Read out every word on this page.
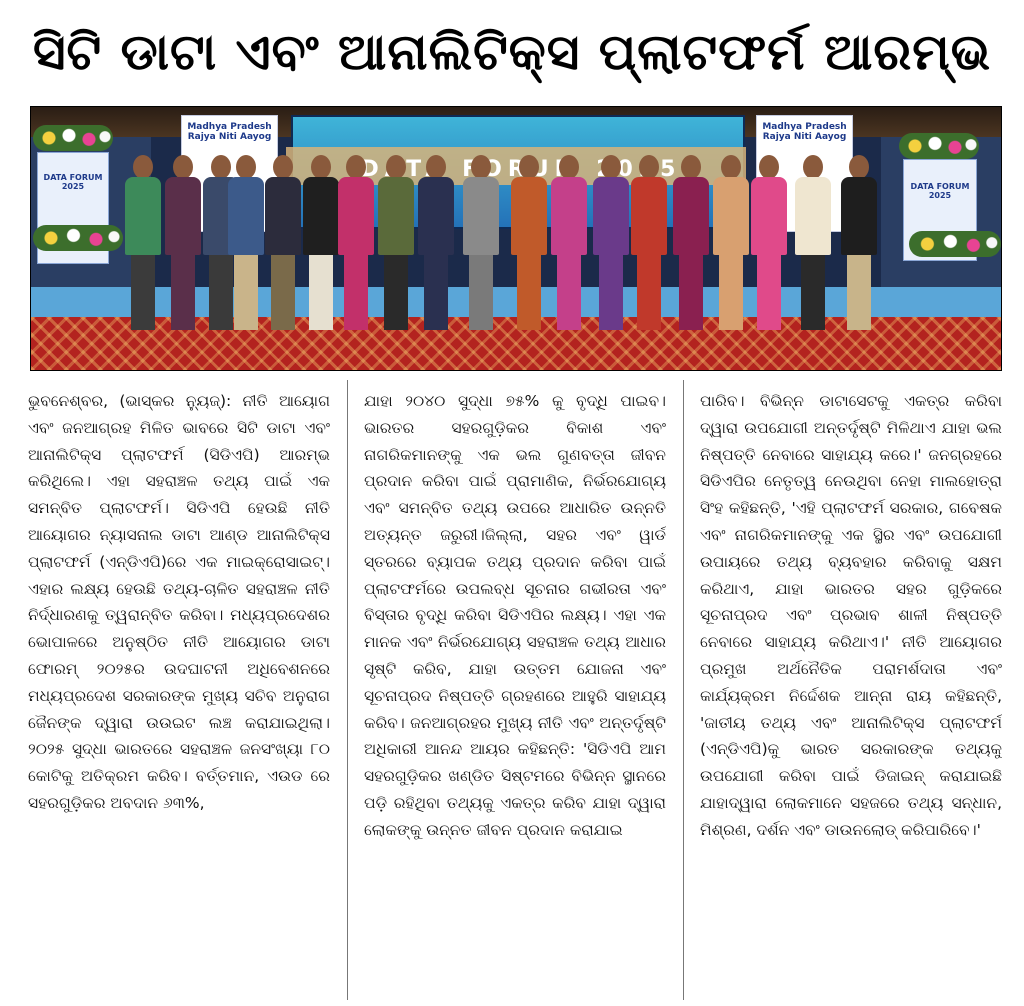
ସିଟି ଡାଟା ଏବଂ ଆନାଲିଟିକ୍ସ ପ୍ଲାଟଫର୍ମ ଆରମ୍ଭ
Madhya Pradesh Rajya Niti Aayog
Madhya Pradesh Rajya Niti Aayog
DATA FORUM 2025	DATA FORUM 2025
ଭୁବନେଶ୍ବର, (ଭାସ୍କର ନ୍ୟୁଜ୍): ନୀତି ଆୟୋଗ ଏବଂ ଜନଆଗ୍ରହ ମିଳିତ ଭାବରେ ସିଟି ଡାଟା ଏବଂ ଆନାଲିଟିକ୍ସ ପ୍ଲାଟଫର୍ମ (ସିଡିଏପି) ଆରମ୍ଭ କରିଥିଲେ। ଏହା ସହରାଞ୍ଚଳ ତଥ୍ୟ ପାଇଁ ଏକ ସମନ୍ବିତ ପ୍ଲାଟଫର୍ମ। ସିଡିଏପି ହେଉଛି ନୀତି ଆୟୋଗର ନ୍ୟାସନାଲ ଡାଟା ଆଣ୍ଡ ଆନାଲିଟିକ୍ସ ପ୍ଲାଟଫର୍ମ (ଏନ୍‌ଡିଏପି)ରେ ଏକ ମାଇକ୍ରୋସାଇଟ୍। ଏହାର ଲକ୍ଷ୍ୟ ହେଉଛି ତଥ୍ୟ-ଚାଳିତ ସହରାଞ୍ଚଳ ନୀତି ନିର୍ଦ୍ଧାରଣକୁ ତ୍ୱରାନ୍ବିତ କରିବା। ମଧ୍ୟପ୍ରଦେଶର ଭୋପାଳରେ ଅନୁଷ୍ଠିତ ନୀତି ଆୟୋଗର ଡାଟା ଫୋରମ୍ ୨୦୨୫ର ଉଦଘାଟନୀ ଅଧିବେଶନରେ ମଧ୍ୟପ୍ରଦେଶ ସରକାରଙ୍କ ମୁଖ୍ୟ ସଚିବ ଅନୁରାଗ ଜୈନଙ୍କ ଦ୍ୱାରା ଉଉଇଟ ଲଞ୍ଚ କରାଯାଇଥିଲା। ୨୦୨୫ ସୁଦ୍ଧା ଭାରତରେ ସହରାଞ୍ଚଳ ଜନସଂଖ୍ୟା ୮୦ କୋଟିକୁ ଅତିକ୍ରମ କରିବ। ବର୍ତ୍ତମାନ, ଏଉଡ ରେ ସହରଗୁଡ଼ିକର ଅବଦାନ ୬୩%,
ଯାହା ୨୦୪୦ ସୁଦ୍ଧା ୭୫% କୁ ବୃଦ୍ଧି ପାଇବ। ଭାରତର ସହରଗୁଡ଼ିକର ବିକାଶ ଏବଂ ନାଗରିକମାନଙ୍କୁ ଏକ ଭଲ ଗୁଣବତ୍ତା ଜୀବନ ପ୍ରଦାନ କରିବା ପାଇଁ ପ୍ରାମାଣିକ, ନିର୍ଭରଯୋଗ୍ୟ ଏବଂ ସମନ୍ବିତ ତଥ୍ୟ ଉପରେ ଆଧାରିତ ଉନ୍ନତି ଅତ୍ୟନ୍ତ ଜରୁରୀ।ଜିଲ୍ଲା, ସହର ଏବଂ ୱାର୍ଡ ସ୍ତରରେ ବ୍ୟାପକ ତଥ୍ୟ ପ୍ରଦାନ କରିବା ପାଇଁ ପ୍ଲାଟଫର୍ମରେ ଉପଲବ୍ଧ ସୂଚନାର ଗଭୀରତା ଏବଂ ବିସ୍ତାର ବୃଦ୍ଧି କରିବା ସିଡିଏପିର ଲକ୍ଷ୍ୟ। ଏହା ଏକ ମାନକ ଏବଂ ନିର୍ଭରଯୋଗ୍ୟ ସହରାଞ୍ଚଳ ତଥ୍ୟ ଆଧାର ସୃଷ୍ଟି କରିବ, ଯାହା ଉତ୍ତମ ଯୋଜନା ଏବଂ ସୂଚନାପ୍ରଦ ନିଷ୍ପତ୍ତି ଗ୍ରହଣରେ ଆହୁରି ସାହାଯ୍ୟ କରିବ। ଜନଆଗ୍ରହର ମୁଖ୍ୟ ନୀତି ଏବଂ ଅନ୍ତର୍ଦୃଷ୍ଟି ଅଧିକାରୀ ଆନନ୍ଦ ଆୟର କହିଛନ୍ତି: 'ସିଡିଏପି ଆମ ସହରଗୁଡ଼ିକର ଖଣ୍ଡିତ ସିଷ୍ଟମରେ ବିଭିନ୍ନ ସ୍ଥାନରେ ପଡ଼ି ରହିଥିବା ତଥ୍ୟକୁ ଏକତ୍ର କରିବ ଯାହା ଦ୍ୱାରା ଲୋକଙ୍କୁ ଉନ୍ନତ ଜୀବନ ପ୍ରଦାନ କରାଯାଇ
ପାରିବ। ବିଭିନ୍ନ ଡାଟାସେଟକୁ ଏକତ୍ର କରିବା ଦ୍ୱାରା ଉପଯୋଗୀ ଅନ୍ତର୍ଦୃଷ୍ଟି ମିଳିଥାଏ ଯାହା ଭଲ ନିଷ୍ପତ୍ତି ନେବାରେ ସାହାଯ୍ୟ କରେ।' ଜନଗ୍ରହରେ ସିଡିଏପିର ନେତୃତ୍ୱ ନେଉଥିବା ନେହା ମାଲହୋତ୍ରା ସିଂହ କହିଛନ୍ତି, 'ଏହି ପ୍ଲାଟଫର୍ମ ସରକାର, ଗବେଷକ ଏବଂ ନାଗରିକମାନଙ୍କୁ ଏକ ସ୍ଥିର ଏବଂ ଉପଯୋଗୀ ଉପାୟରେ ତଥ୍ୟ ବ୍ୟବହାର କରିବାକୁ ସକ୍ଷମ କରିଥାଏ, ଯାହା ଭାରତର ସହର ଗୁଡ଼ିକରେ ସୂଚନାପ୍ରଦ ଏବଂ ପ୍ରଭାବ ଶାଳୀ ନିଷ୍ପତ୍ତି ନେବାରେ ସାହାଯ୍ୟ କରିଥାଏ।' ନୀତି ଆୟୋଗର ପ୍ରମୁଖ ଅର୍ଥନୈତିକ ପରାମର୍ଶଦାତା ଏବଂ କାର୍ଯ୍ୟକ୍ରମ ନିର୍ଦ୍ଦେଶକ ଆନ୍ନା ରାୟ କହିଛନ୍ତି, 'ଜାତୀୟ ତଥ୍ୟ ଏବଂ ଆନାଲିଟିକ୍ସ ପ୍ଲାଟଫର୍ମ (ଏନ୍‌ଡିଏପି)କୁ ଭାରତ ସରକାରଙ୍କ ତଥ୍ୟକୁ ଉପଯୋଗୀ କରିବା ପାଇଁ ଡିଜାଇନ୍ କରାଯାଇଛି ଯାହାଦ୍ୱାରା ଲୋକମାନେ ସହଜରେ ତଥ୍ୟ ସନ୍ଧାନ, ମିଶ୍ରଣ, ଦର୍ଶନ ଏବଂ ଡାଉନଲୋଡ୍ କରିପାରିବେ।'
